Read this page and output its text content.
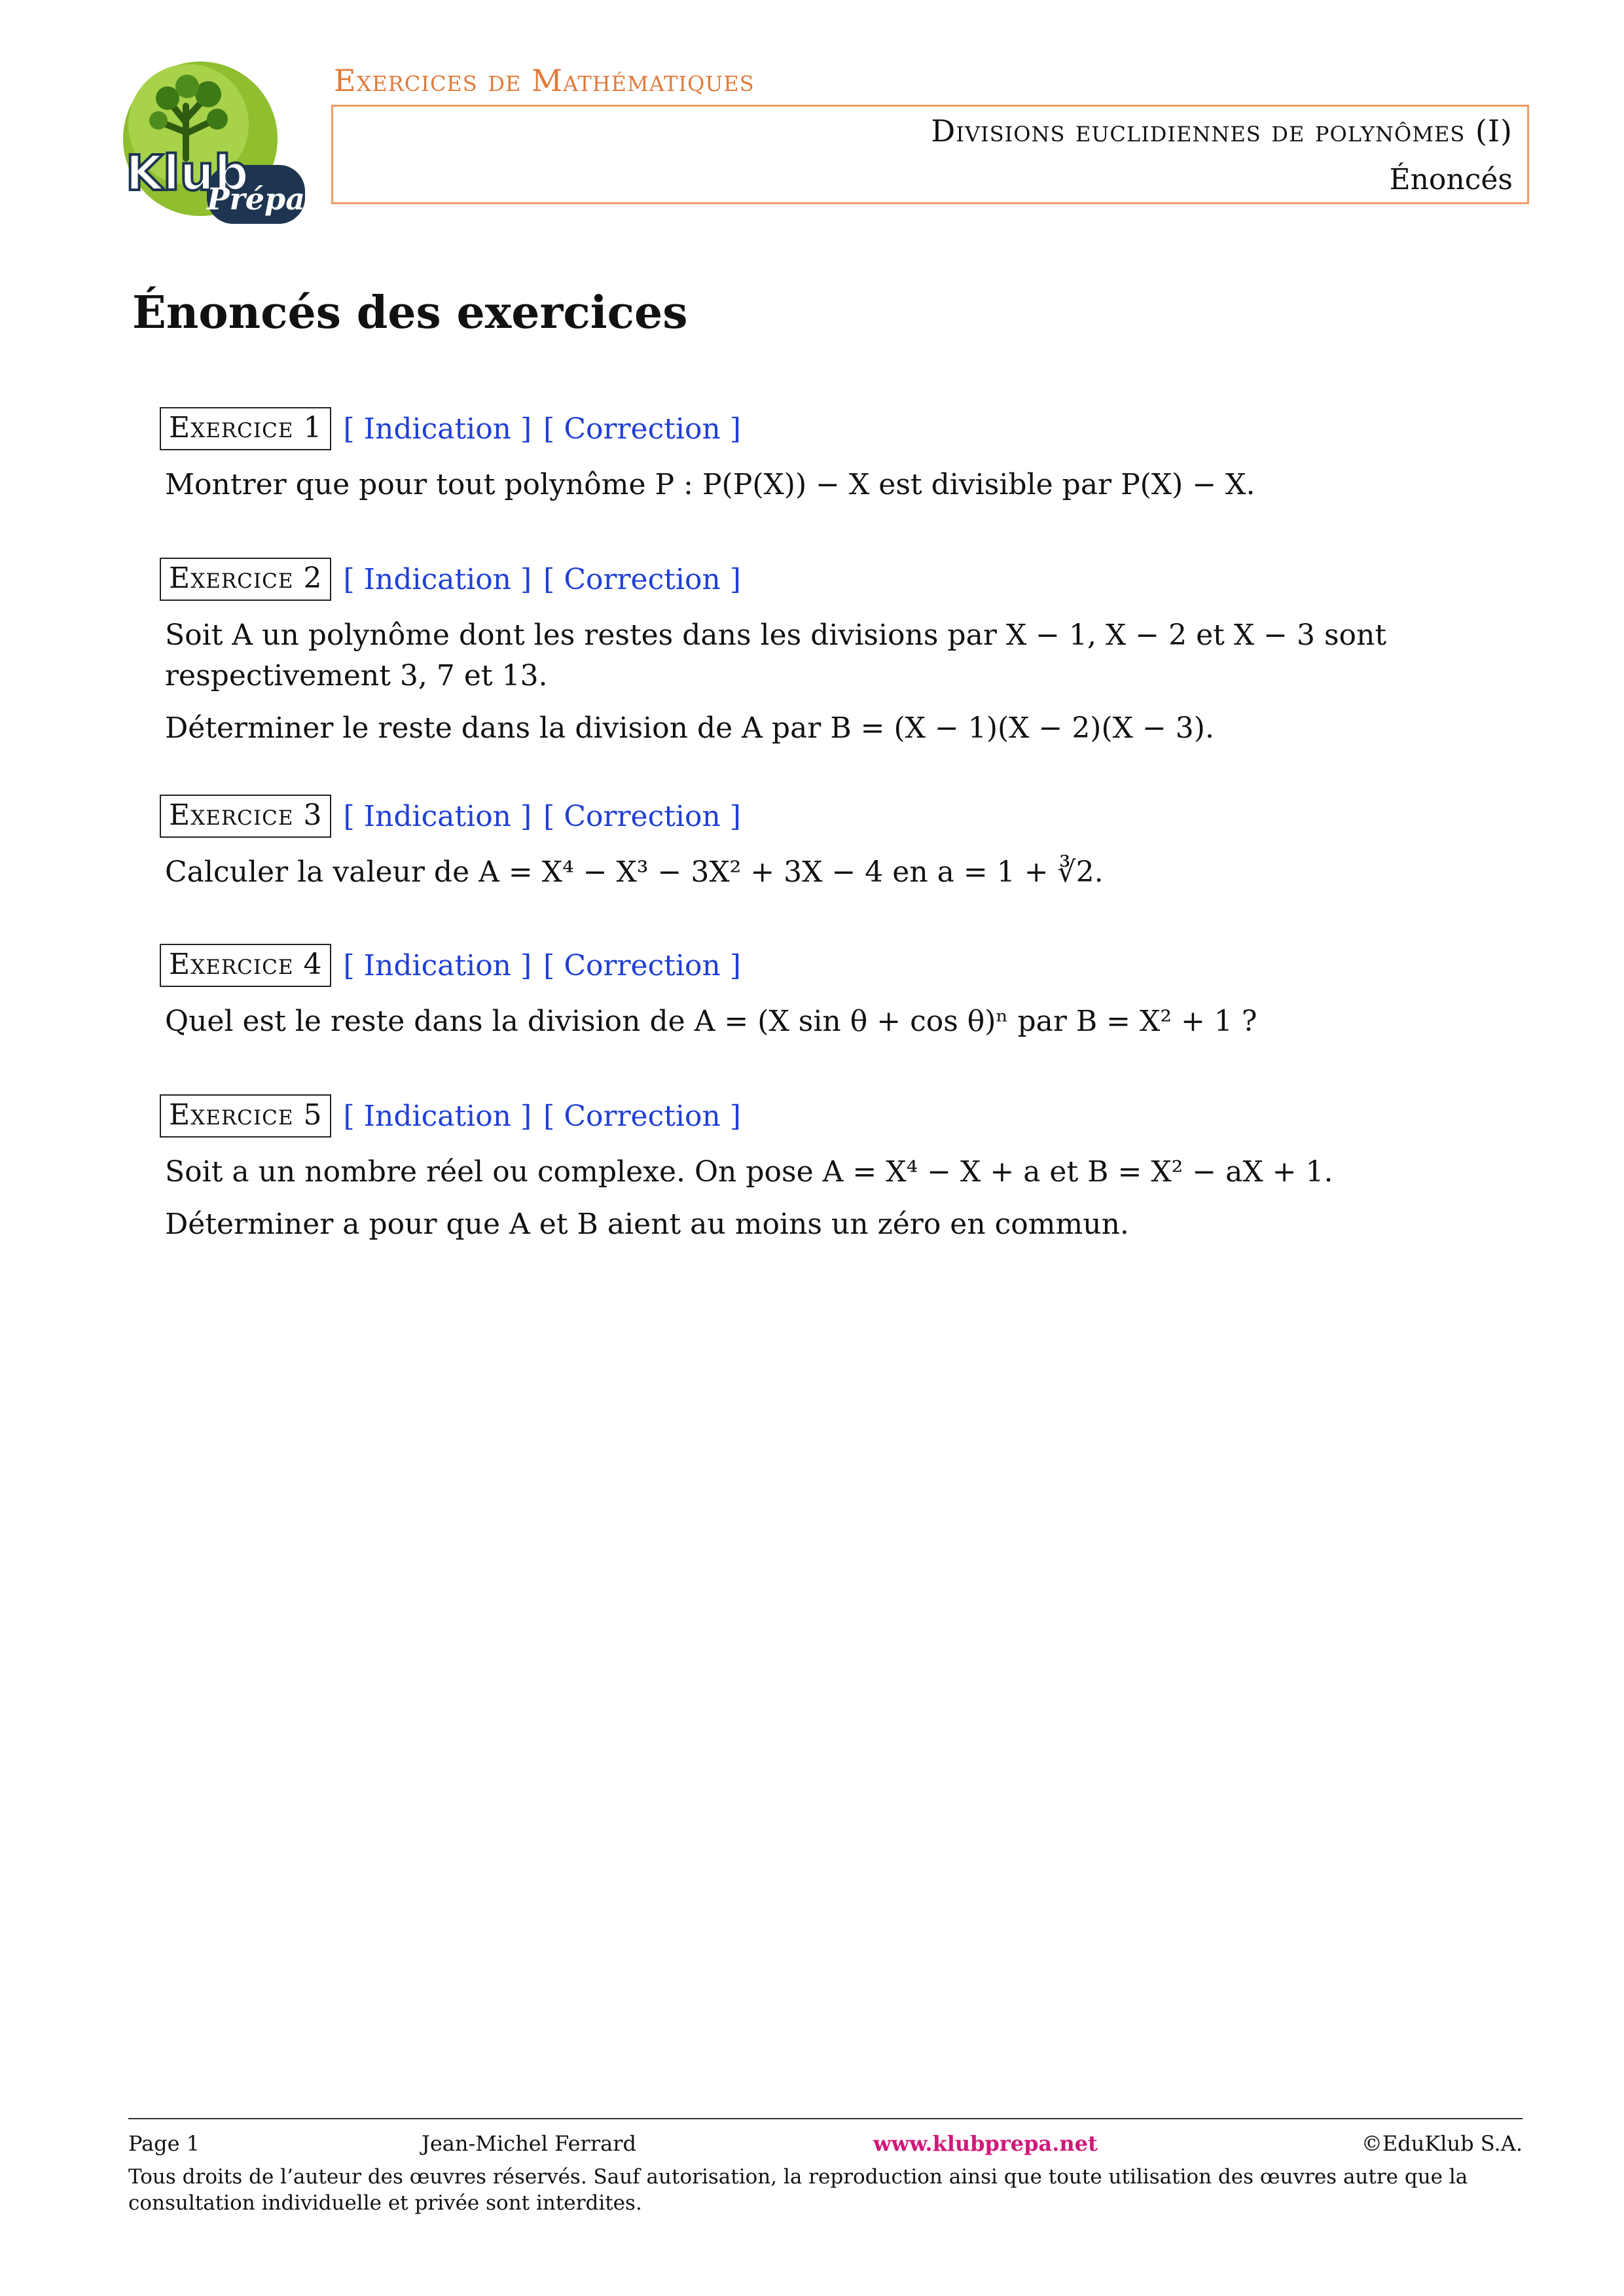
Klub
Prépa
Exercices de Mathématiques
Divisions euclidiennes de polynômes (I)
Énoncés
Énoncés des exercices
Exercice 1 [ Indication ] [ Correction ]

Montrer que pour tout polynôme P : P(P(X)) − X est divisible par P(X) − X.

Exercice 2 [ Indication ] [ Correction ]

Soit A un polynôme dont les restes dans les divisions par X − 1, X − 2 et X − 3 sont respectivement 3, 7 et 13.

Déterminer le reste dans la division de A par B = (X − 1)(X − 2)(X − 3).

Exercice 3 [ Indication ] [ Correction ]

Calculer la valeur de A = X⁴ − X³ − 3X² + 3X − 4 en a = 1 + ∛2.

Exercice 4 [ Indication ] [ Correction ]

Quel est le reste dans la division de A = (X sin θ + cos θ)ⁿ par B = X² + 1 ?

Exercice 5 [ Indication ] [ Correction ]

Soit a un nombre réel ou complexe. On pose A = X⁴ − X + a et B = X² − aX + 1.

Déterminer a pour que A et B aient au moins un zéro en commun.

Page 1	Jean-Michel Ferrard	www.klubprepa.net	©EduKlub S.A.
Tous droits de l’auteur des œuvres réservés. Sauf autorisation, la reproduction ainsi que toute utilisation des œuvres autre que la consultation individuelle et privée sont interdites.
